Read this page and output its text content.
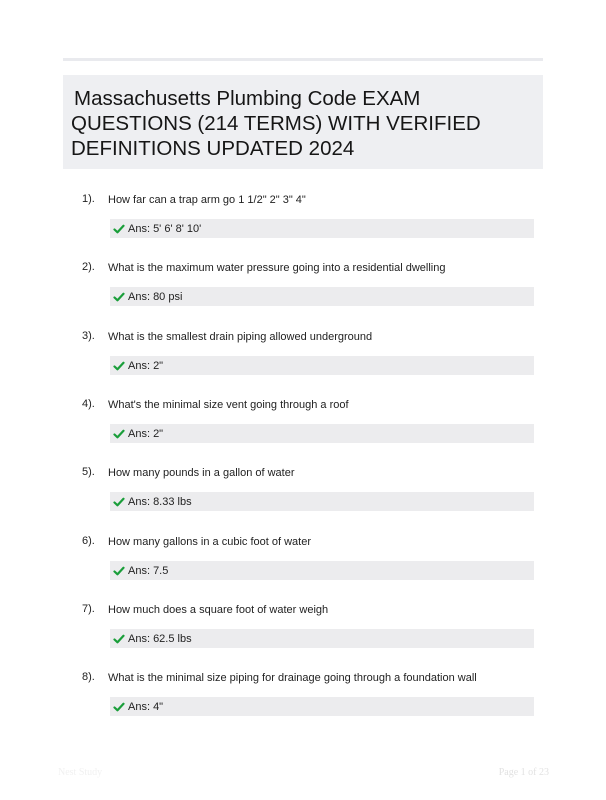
Massachusetts Plumbing Code EXAM
QUESTIONS (214 TERMS) WITH VERIFIED
DEFINITIONS UPDATED 2024
1). How far can a trap arm go 1 1/2" 2" 3" 4"
Ans: 5' 6' 8' 10'
2). What is the maximum water pressure going into a residential dwelling
Ans: 80 psi
3). What is the smallest drain piping allowed underground
Ans: 2"
4). What's the minimal size vent going through a roof
Ans: 2"
5). How many pounds in a gallon of water
Ans: 8.33 lbs
6). How many gallons in a cubic foot of water
Ans: 7.5
7). How much does a square foot of water weigh
Ans: 62.5 lbs
8). What is the minimal size piping for drainage going through a foundation wall
Ans: 4"
Nest Study	Page 1 of 23
